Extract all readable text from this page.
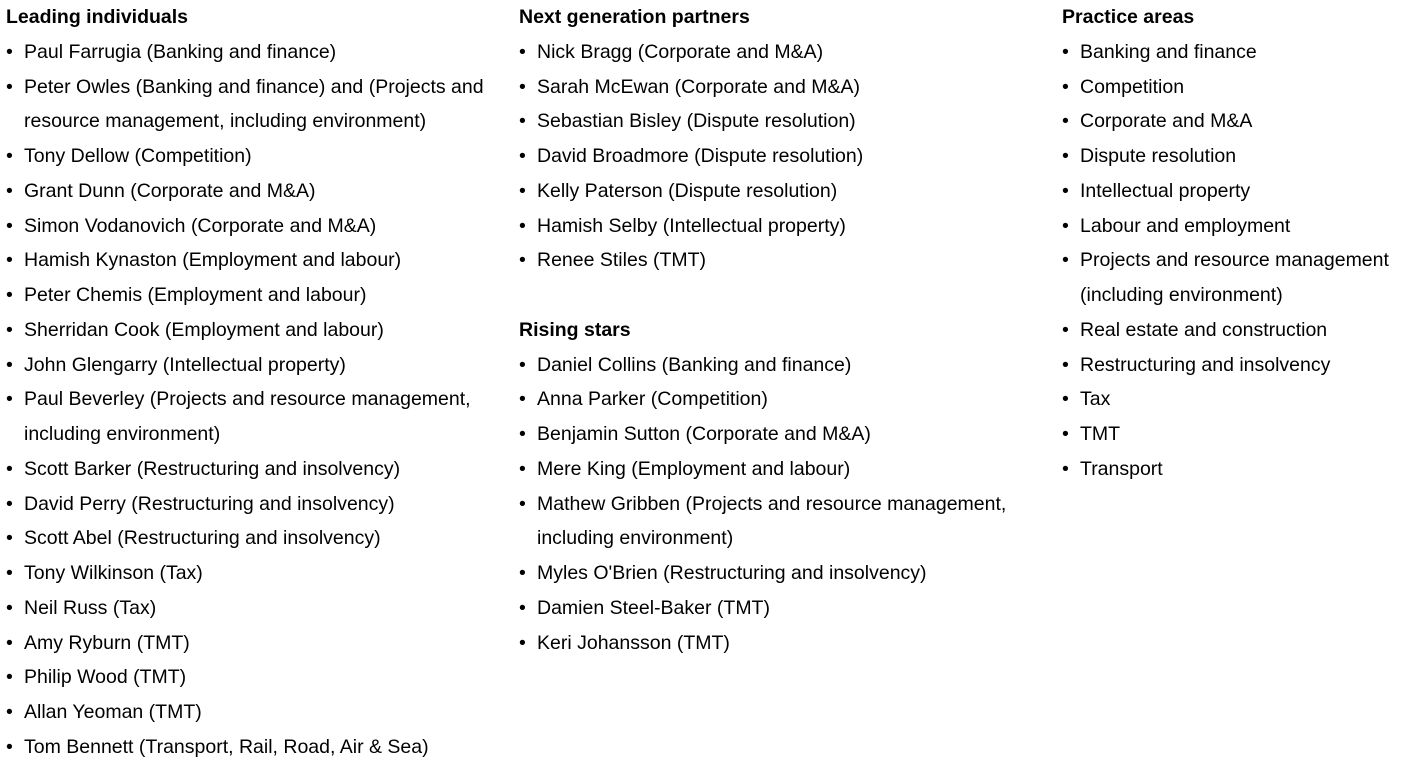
Leading individuals
• Paul Farrugia (Banking and finance)
• Peter Owles (Banking and finance) and (Projects and resource management, including environment)
• Tony Dellow (Competition)
• Grant Dunn (Corporate and M&A)
• Simon Vodanovich (Corporate and M&A)
• Hamish Kynaston (Employment and labour)
• Peter Chemis (Employment and labour)
• Sherridan Cook (Employment and labour)
• John Glengarry (Intellectual property)
• Paul Beverley (Projects and resource management, including environment)
• Scott Barker (Restructuring and insolvency)
• David Perry (Restructuring and insolvency)
• Scott Abel (Restructuring and insolvency)
• Tony Wilkinson (Tax)
• Neil Russ (Tax)
• Amy Ryburn (TMT)
• Philip Wood (TMT)
• Allan Yeoman (TMT)
• Tom Bennett (Transport, Rail, Road, Air & Sea)
Next generation partners
• Nick Bragg (Corporate and M&A)
• Sarah McEwan (Corporate and M&A)
• Sebastian Bisley (Dispute resolution)
• David Broadmore (Dispute resolution)
• Kelly Paterson (Dispute resolution)
• Hamish Selby (Intellectual property)
• Renee Stiles (TMT)
Rising stars
• Daniel Collins (Banking and finance)
• Anna Parker (Competition)
• Benjamin Sutton (Corporate and M&A)
• Mere King (Employment and labour)
• Mathew Gribben (Projects and resource management, including environment)
• Myles O'Brien (Restructuring and insolvency)
• Damien Steel-Baker (TMT)
• Keri Johansson (TMT)
Practice areas
• Banking and finance
• Competition
• Corporate and M&A
• Dispute resolution
• Intellectual property
• Labour and employment
• Projects and resource management (including environment)
• Real estate and construction
• Restructuring and insolvency
• Tax
• TMT
• Transport
